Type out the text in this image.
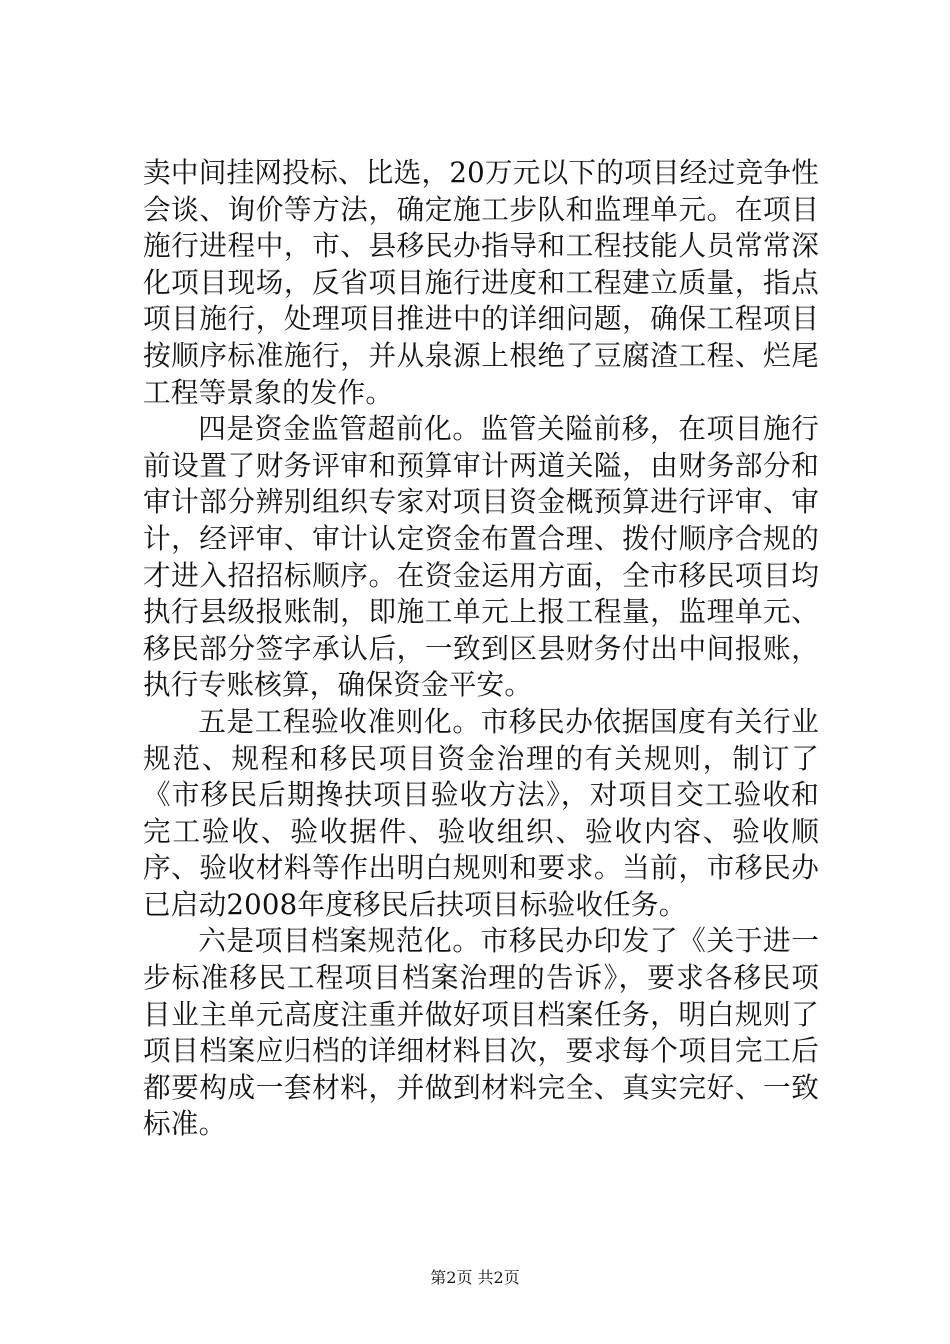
卖中间挂网投标、比选，20万元以下的项目经过竞争性会谈、询价等方法，确定施工步队和监理单元。在项目施行进程中，市、县移民办指导和工程技能人员常常深化项目现场，反省项目施行进度和工程建立质量，指点项目施行，处理项目推进中的详细问题，确保工程项目按顺序标准施行，并从泉源上根绝了豆腐渣工程、烂尾工程等景象的发作。

四是资金监管超前化。监管关隘前移，在项目施行前设置了财务评审和预算审计两道关隘，由财务部分和审计部分辨别组织专家对项目资金概预算进行评审、审计，经评审、审计认定资金布置合理、拨付顺序合规的才进入招招标顺序。在资金运用方面，全市移民项目均执行县级报账制，即施工单元上报工程量，监理单元、移民部分签字承认后，一致到区县财务付出中间报账，执行专账核算，确保资金平安。

五是工程验收准则化。市移民办依据国度有关行业规范、规程和移民项目资金治理的有关规则，制订了《市移民后期搀扶项目验收方法》，对项目交工验收和完工验收、验收据件、验收组织、验收内容、验收顺序、验收材料等作出明白规则和要求。当前，市移民办已启动2008年度移民后扶项目标验收任务。

六是项目档案规范化。市移民办印发了《关于进一步标准移民工程项目档案治理的告诉》，要求各移民项目业主单元高度注重并做好项目档案任务，明白规则了项目档案应归档的详细材料目次，要求每个项目完工后都要构成一套材料，并做到材料完全、真实完好、一致标准。

第2页 共2页
